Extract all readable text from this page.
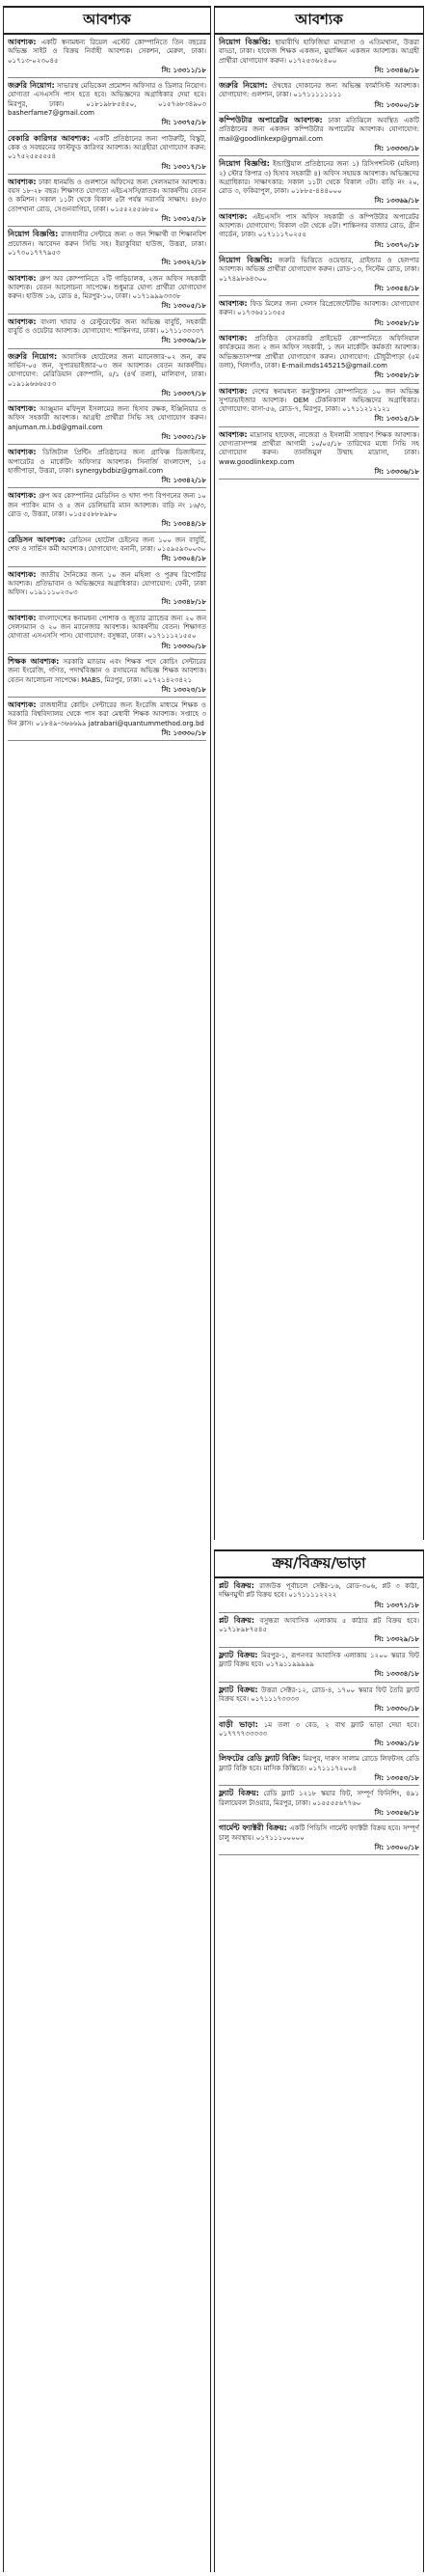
আবশ্যক
আবশ্যক: একটি স্বনামধন্য রিয়েল এস্টেট কোম্পানিতে তিন বছরের অভিজ্ঞ সাইট ও বিক্রয় নির্বাহী আবশ্যক। সেকশন, মেরুল, ঢাকা। ০১৭১৩-০২৩০৪৫
সি: ১৩৩১১/১৮
জরুরি নিয়োগ: সাভারস্থ মেডিকেল প্রমোশন অফিসার ও ডিলার নিয়োগ। যোগ্যতা এসএসসি পাস হতে হবে। অভিজ্ঞদের অগ্রাধিকার দেয়া হবে। মিরপুর, ঢাকা। ০১৮১৯৮৮৫৪৫০, ০১৫৭৬৮৩৪৯০৩ basherfame7@gmail.com
সি: ১৩৩৭৫/১৮
বেকারি কারিগর আবশ্যক: একটি প্রতিষ্ঠানের জন্য পাউরুটি, বিস্কুট, কেক ও সবধরনের ফাস্টফুড কারিগর আবশ্যক। আগ্রহীরা যোগাযোগ করুন: ০১৭৫২৫৫৫৫৫৪
সি: ১৩৩১৭/১৮
আবশ্যক: ঢাকা ধানমন্ডি ও গুলশানে অফিসের জন্য সেলসম্যান আবশ্যক। বয়স ১৮-২৮ বছর। শিক্ষাগত যোগ্যতা এইচএসসি/স্নাতক। আকর্ষণীয় বেতন ও কমিশন। সকাল ১১টা থেকে বিকাল ৫টা পর্যন্ত সরাসরি সাক্ষাৎ। ৪৮/৩ তোপখানা রোড, সেগুনবাগিচা, ঢাকা। ০১৫৫২৫৫৬৮৫০
সি: ১৩৩১৫/১৮
নিয়োগ বিজ্ঞপ্তি: রাজধানীর সেন্টারে জন্য ৩ জন শিক্ষার্থী বা শিক্ষানবিশ প্রয়োজন। আবেদন করুন সিভি সহ। ইয়াকুবিয়া হাউজ, উত্তরা, ঢাকা। ০১৭৩০১৭৭৭৯৫৩
সি: ১৩৩২২/১৮
আবশ্যক: গ্রুপ অব কোম্পানিতে ২টি গাড়িচালক, ২জন অফিস সহকারী আবশ্যক। বেতন আলোচনা সাপেক্ষে। শুধুমাত্র যোগ্য প্রার্থীরা যোগাযোগ করুন। হাউজ ১৬, রোড ৪, মিরপুর-১০, ঢাকা। ০১৭১৯৯৯৩৩৩৮
সি: ১৩৩০৫/১৮
আবশ্যক: বাংলা খাবার ও রেস্টুরেন্টের জন্য অভিজ্ঞ বাবুর্চি, সহকারী বাবুর্চি ও ওয়েটার আবশ্যক। যোগাযোগ: শান্তিনগর, ঢাকা। ০১৭১১৩৩৩৩৭
সি: ১৩৩৩৯/১৮
জরুরি নিয়োগ: আবাসিক হোটেলের জন্য ম্যানেজার-০২ জন, রুম সার্ভিস-০৫ জন, সুপারভাইজার-০৩ জন আবশ্যক। বেতন আকর্ষণীয়। যোগাযোগ: মেরিডিয়ান কোম্পানি, ৫/১ (৪র্থ তলা), মালিবাগ, ঢাকা। ০১৯১৯৬৬৬৫৫৩
সি: ১৩৩৩৭/১৮
আবশ্যক: আঞ্জুমান মফিদুল ইসলামের জন্য হিসাব রক্ষক, ইঞ্জিনিয়ার ও অফিস সহকারী আবশ্যক। আগ্রহী প্রার্থীরা সিভি সহ যোগাযোগ করুন। anjuman.m.i.bd@gmail.com
সি: ১৩৩৩১/১৮
আবশ্যক: ডিজিটাল প্রিন্টিং প্রতিষ্ঠানের জন্য গ্রাফিক্স ডিজাইনার, অপারেটর ও মার্কেটিং অফিসার আবশ্যক। সিনার্জি বাংলাদেশ, ১৫ হাজীপাড়া, উত্তরা, ঢাকা। synergybdbiz@gmail.com
সি: ১৩৩৪২/১৮
আবশ্যক: গ্রুপ অব কোম্পানির মেডিসিন ও খাদ্য পণ্য বিপণনের জন্য ১০ জন প্যাকিং ম্যান ও ৫ জন ডেলিভারি ম্যান আবশ্যক। বাড়ি নং ১৬/৩, রোড ৩, উত্তরা, ঢাকা। ০১৫৫৫৮৮৮৯৮০
সি: ১৩৩৪৪/১৮
রেডিসন আবশ্যক: রেডিসন হোটেল চেইনের জন্য ১০০ জন বাবুর্চি, শেফ ও সার্ভিস কর্মী আবশ্যক। যোগাযোগ: বনানী, ঢাকা। ০১৫৯৫৯৩০০৩০
সি: ১৩৩০৪/১৮
আবশ্যক: জাতীয় দৈনিকের জন্য ১০ জন মহিলা ও পুরুষ রিপোর্টার আবশ্যক। প্রতিভাবান ও অভিজ্ঞদের অগ্রাধিকার। যোগাযোগ: ফেনী, ঢাকা অফিস। ০১৯১১১০২৩০৩
সি: ১৩৩৪৮/১৮
আবশ্যক: বাংলাদেশের স্বনামধন্য পোশাক ও জুতার ব্র্যান্ডের জন্য ২০ জন সেলসম্যান ও ২০ জন ম্যানেজার আবশ্যক। আকর্ষণীয় বেতন। শিক্ষাগত যোগ্যতা এসএসসি পাস। যোগাযোগ: বসুন্ধরা, ঢাকা। ০১৭১১১২১৫৫০
সি: ১৩৩৩০/১৮
শিক্ষক আবশ্যক: সরকারি ম্যাডাম এবং শিক্ষক পদে কোচিং সেন্টারের জন্য ইংরেজি, গণিত, পদার্থবিজ্ঞান ও রসায়নের অভিজ্ঞ শিক্ষক আবশ্যক। বেতন আলোচনা সাপেক্ষে। MABS, মিরপুর, ঢাকা। ০১৭২১৪২৩৪২১
সি: ১৩৩২৩/১৮
আবশ্যক: রাজধানীর কোচিং সেন্টারের জন্য ইংরেজি মাধ্যমে শিক্ষক ও সরকারি বিশ্ববিদ্যালয় থেকে পাস করা মেধাবী শিক্ষক আবশ্যক। সপ্তাহে ৩ দিন ক্লাস। ০১৮৪৯-৩৬৬৬৯৯ jatrabari@quantummethod.org.bd
সি: ১৩৩৩০/১৮
আবশ্যক
নিয়োগ বিজ্ঞপ্তি: ছায়াবীথি হাফিজিয়া মাদরাসা ও এতিমখানা, উত্তরা বাড্ডা, ঢাকা। হাফেজ শিক্ষক একজন, মুয়াজ্জিন একজন আবশ্যক। আগ্রহী প্রার্থীরা যোগাযোগ করুন। ০১৭২৫৩৬২৪০০
সি: ১৩৩৪৬/১৮
জরুরি নিয়োগ: ঔষধের দোকানের জন্য অভিজ্ঞ ফার্মাসিস্ট আবশ্যক। যোগাযোগ: গুলশান, ঢাকা। ০১৭১১১১১১১১
সি: ১৩৩০০/১৮
কম্পিউটার অপারেটর আবশ্যক: ঢাকা মতিঝিলে অবস্থিত একটি প্রতিষ্ঠানের জন্য একজন কম্পিউটার অপারেটর আবশ্যক। যোগাযোগ: mail@goodlinkexp@gmail.com
সি: ১৩৩৩৩/১৮
নিয়োগ বিজ্ঞপ্তি: ইন্ডাস্ট্রিয়াল প্রতিষ্ঠানের জন্য ১) রিসিপশনিস্ট (মহিলা) ২) স্টোর কিপার ৩) হিসাব সহকারী ৪) অফিস সহায়ক আবশ্যক। অভিজ্ঞদের অগ্রাধিকার। সাক্ষাৎকার: সকাল ১১টা থেকে বিকাল ৩টা। বাড়ি নং ২০, রোড ৩, ফকিরাপুল, ঢাকা। ০১৮৮৫-৪৪৪০০০
সি: ১৩৩৬৯/১৮
আবশ্যক: এইচএসসি পাস অফিস সহকারী ও কম্পিউটার অপারেটর আবশ্যক। যোগাযোগ: বিকাল ৩টা থেকে ৫টা। শান্তিনগর বাজার রোড, গ্রীন গার্ডেন, ঢাকা। ০১৭১১১৭০২৫৫
সি: ১৩৩৭০/১৮
নিয়োগ বিজ্ঞপ্তি: জরুরি ভিত্তিতে ওয়েল্ডার, গ্রাইন্ডার ও হেলপার আবশ্যক। অভিজ্ঞ প্রার্থীরা যোগাযোগ করুন। রোড-১৩, সিস্টেম রোড, ঢাকা। ০১৭৪৯৮৬৪৩০০
সি: ১৩৩৫৪/১৮
আবশ্যক: ফিড মিলের জন্য সেলস রিপ্রেজেন্টেটিভ আবশ্যক। যোগাযোগ করুন। ০১৭৩৬৫১১৩৫৫
সি: ১৩৩৫৮/১৮
আবশ্যক: প্রতিষ্ঠিত বেসরকারি প্রাইভেট কোম্পানিতে অফিসিয়াল কার্যক্রমের জন্য ২ জন অফিস সহকারী, ১ জন মার্কেটিং কর্মকর্তা আবশ্যক। অভিজ্ঞতাসম্পন্ন প্রার্থীরা যোগাযোগ করুন। যোগাযোগ: চৌধুরীপাড়া (৫ম তলা), খিলগাঁও, ঢাকা। E-mail:mds145215@gmail.com
সি: ১৩৩৫৮/১৮
আবশ্যক: দেশের স্বনামধন্য কনস্ট্রাকশন কোম্পানিতে ১০ জন অভিজ্ঞ সুপারভাইজার আবশ্যক। OEM টেকনিক্যাল অভিজ্ঞদের অগ্রাধিকার। যোগাযোগ: বাসা-৫৬, রোড-৭, মিরপুর, ঢাকা। ০১৭১১২১২১২১
সি: ১৩৩১৫/১৮
আবশ্যক: মাদ্রাসায় হাফেজ, নাজেরা ও ইসলামী সাধারণ শিক্ষক আবশ্যক। যোগ্যতাসম্পন্ন প্রার্থীরা আগামী ১০/০৫/১৮ তারিখের মধ্যে সিভি সহ যোগাযোগ করুন। তানজিমুল উম্মাহ মাদ্রাসা, ঢাকা। www.goodlinkexp.com
সি: ১৩৩৩৬/১৮
ক্রয়/বিক্রয়/ভাড়া
প্লট বিক্রয়: রাজউক পূর্বাচলে সেক্টর-১৬, রোড-৩০৬, প্লট ৩ কাঠা, দক্ষিণমুখী প্লট বিক্রয় হবে। ০১৭১১১১২২২২
সি: ১৩৩৭১/১৮
প্লট বিক্রয়: বসুন্ধরা আবাসিক এলাকায় ৫ কাঠার প্লট বিক্রয় হবে। ০১৭১৮৯৮৭৫৪৫
সি: ১৩৩২৯/১৮
ফ্ল্যাট বিক্রয়: মিরপুর-১, রূপনগর আবাসিক এলাকায় ১২০০ স্কয়ার ফিট ফ্ল্যাট বিক্রয় হবে। ০১৭৯১১৯৯৯৯৯
সি: ১৩৩৩৪/১৮
ফ্ল্যাট বিক্রয়: উত্তরা সেক্টর-১২, রোড-৪, ১৭০০ স্কয়ার ফিট তৈরি ফ্ল্যাট বিক্রয় হবে। ০১৭১১১৭৩৩৩৩
সি: ১৩৩৩০/১৮
বাড়ী ভাড়া: ১ম তলা ৩ বেড, ২ বাথ ফ্ল্যাট ভাড়া দেয়া হবে। ০১৭৭৭৭৩৩৩৩৩
সি: ১৩৩৬১/১৮
লিফটের রেডি ফ্ল্যাট বিক্রি: মিরপুর, দারুস সালাম রোডে লিফটসহ রেডি ফ্ল্যাট বিক্রি হবে। মাসিক কিস্তিতে। ০১৭১১১৭২০০৪
সি: ১৩৩৫৩/১৮
ফ্ল্যাট বিক্রয়: রেডি ফ্ল্যাট ১২১৮ স্কয়ার ফিট, সম্পূর্ণ ফিনিশিং, ৪৯১ রিলায়েবল টাওয়ার, মিরপুর, ঢাকা। ০১৫৫৫৫৬৭৭৬০
সি: ১৩৩৫৬/১৮
গার্মেন্ট ফ্যাক্টরী বিক্রয়: একটি পিডিসি গার্মেন্ট ফ্যাক্টরী বিক্রয় হবে। সম্পূর্ণ চালু অবস্থায়। ০১৭১১১০০০০০
সি: ১৩৩০০/১৮
